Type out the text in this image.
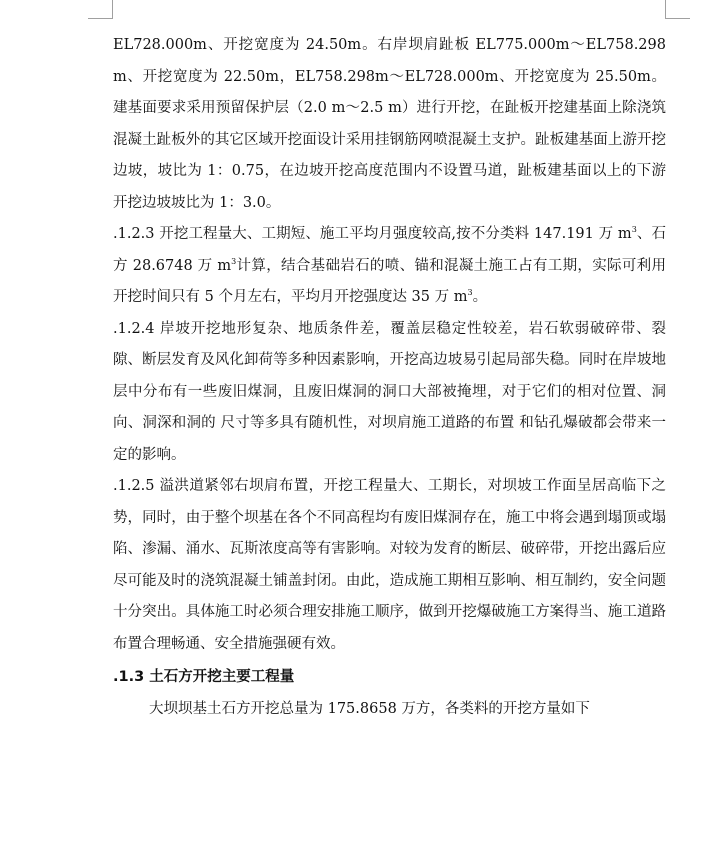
EL728.000m、开挖宽度为 24.50m。右岸坝肩趾板 EL775.000m～EL758.298m、开挖宽度为 22.50m，EL758.298m～EL728.000m、开挖宽度为 25.50m。建基面要求采用预留保护层（2.0 m～2.5 m）进行开挖，在趾板开挖建基面上除浇筑混凝土趾板外的其它区域开挖面设计采用挂钢筋网喷混凝土支护。趾板建基面上游开挖边坡，坡比为 1：0.75，在边坡开挖高度范围内不设置马道，趾板建基面以上的下游开挖边坡坡比为 1：3.0。

.1.2.3 开挖工程量大、工期短、施工平均月强度较高,按不分类料 147.191 万 $m^3$、石方 28.6748 万 $m^3$计算，结合基础岩石的喷、锚和混凝土施工占有工期，实际可利用开挖时间只有 5 个月左右，平均月开挖强度达 35 万 $m^3$。

.1.2.4 岸坡开挖地形复杂、地质条件差，覆盖层稳定性较差，岩石软弱破碎带、裂隙、断层发育及风化卸荷等多种因素影响，开挖高边坡易引起局部失稳。同时在岸坡地层中分布有一些废旧煤洞，且废旧煤洞的洞口大部被掩埋，对于它们的相对位置、洞向、洞深和洞的 尺寸等多具有随机性，对坝肩施工道路的布置 和钻孔爆破都会带来一定的影响。

.1.2.5 溢洪道紧邻右坝肩布置，开挖工程量大、工期长，对坝坡工作面呈居高临下之势，同时，由于整个坝基在各个不同高程均有废旧煤洞存在，施工中将会遇到塌顶或塌陷、渗漏、涌水、瓦斯浓度高等有害影响。对较为发育的断层、破碎带，开挖出露后应尽可能及时的浇筑混凝土铺盖封闭。由此，造成施工期相互影响、相互制约，安全问题十分突出。具体施工时必须合理安排施工顺序，做到开挖爆破施工方案得当、施工道路布置合理畅通、安全措施强硬有效。

.1.3 土石方开挖主要工程量

大坝坝基土石方开挖总量为 175.8658 万方，各类料的开挖方量如下
